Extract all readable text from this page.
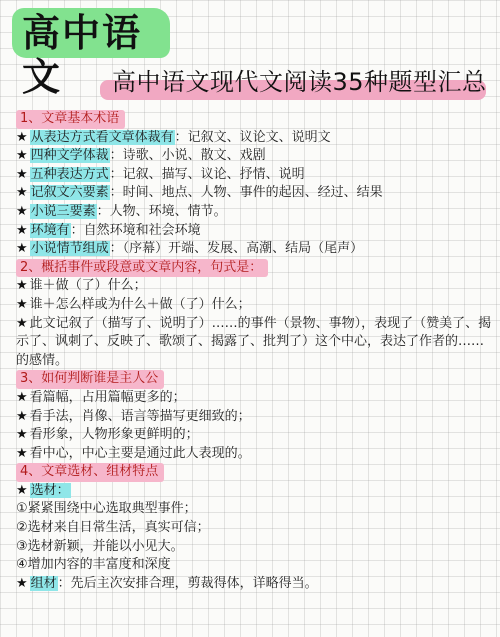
高中语文	高中语文现代文阅读35种题型汇总
1、文章基本术语
★ 从表达方式看文章体裁有：记叙文、议论文、说明文
★ 四种文学体裁：诗歌、小说、散文、戏剧
★ 五种表达方式：记叙、描写、议论、抒情、说明
★ 记叙文六要素：时间、地点、人物、事件的起因、经过、结果
★ 小说三要素：人物、环境、情节。
★ 环境有：自然环境和社会环境
★ 小说情节组成：（序幕）开端、发展、高潮、结局（尾声）
2、概括事件或段意或文章内容，句式是：
★ 谁＋做（了）什么；
★ 谁＋怎么样或为什么＋做（了）什么；
★ 此文记叙了（描写了、说明了）……的事件（景物、事物），表现了（赞美了、揭示了、讽刺了、反映了、歌颂了、揭露了、批判了）这个中心，表达了作者的……的感情。
3、如何判断谁是主人公
★ 看篇幅，占用篇幅更多的；
★ 看手法，肖像、语言等描写更细致的；
★ 看形象，人物形象更鲜明的；
★ 看中心，中心主要是通过此人表现的。
4、文章选材、组材特点
★ 选材：
①紧紧围绕中心选取典型事件；
②选材来自日常生活，真实可信；
③选材新颖，并能以小见大。
④增加内容的丰富度和深度
★ 组材：先后主次安排合理，剪裁得体，详略得当。
